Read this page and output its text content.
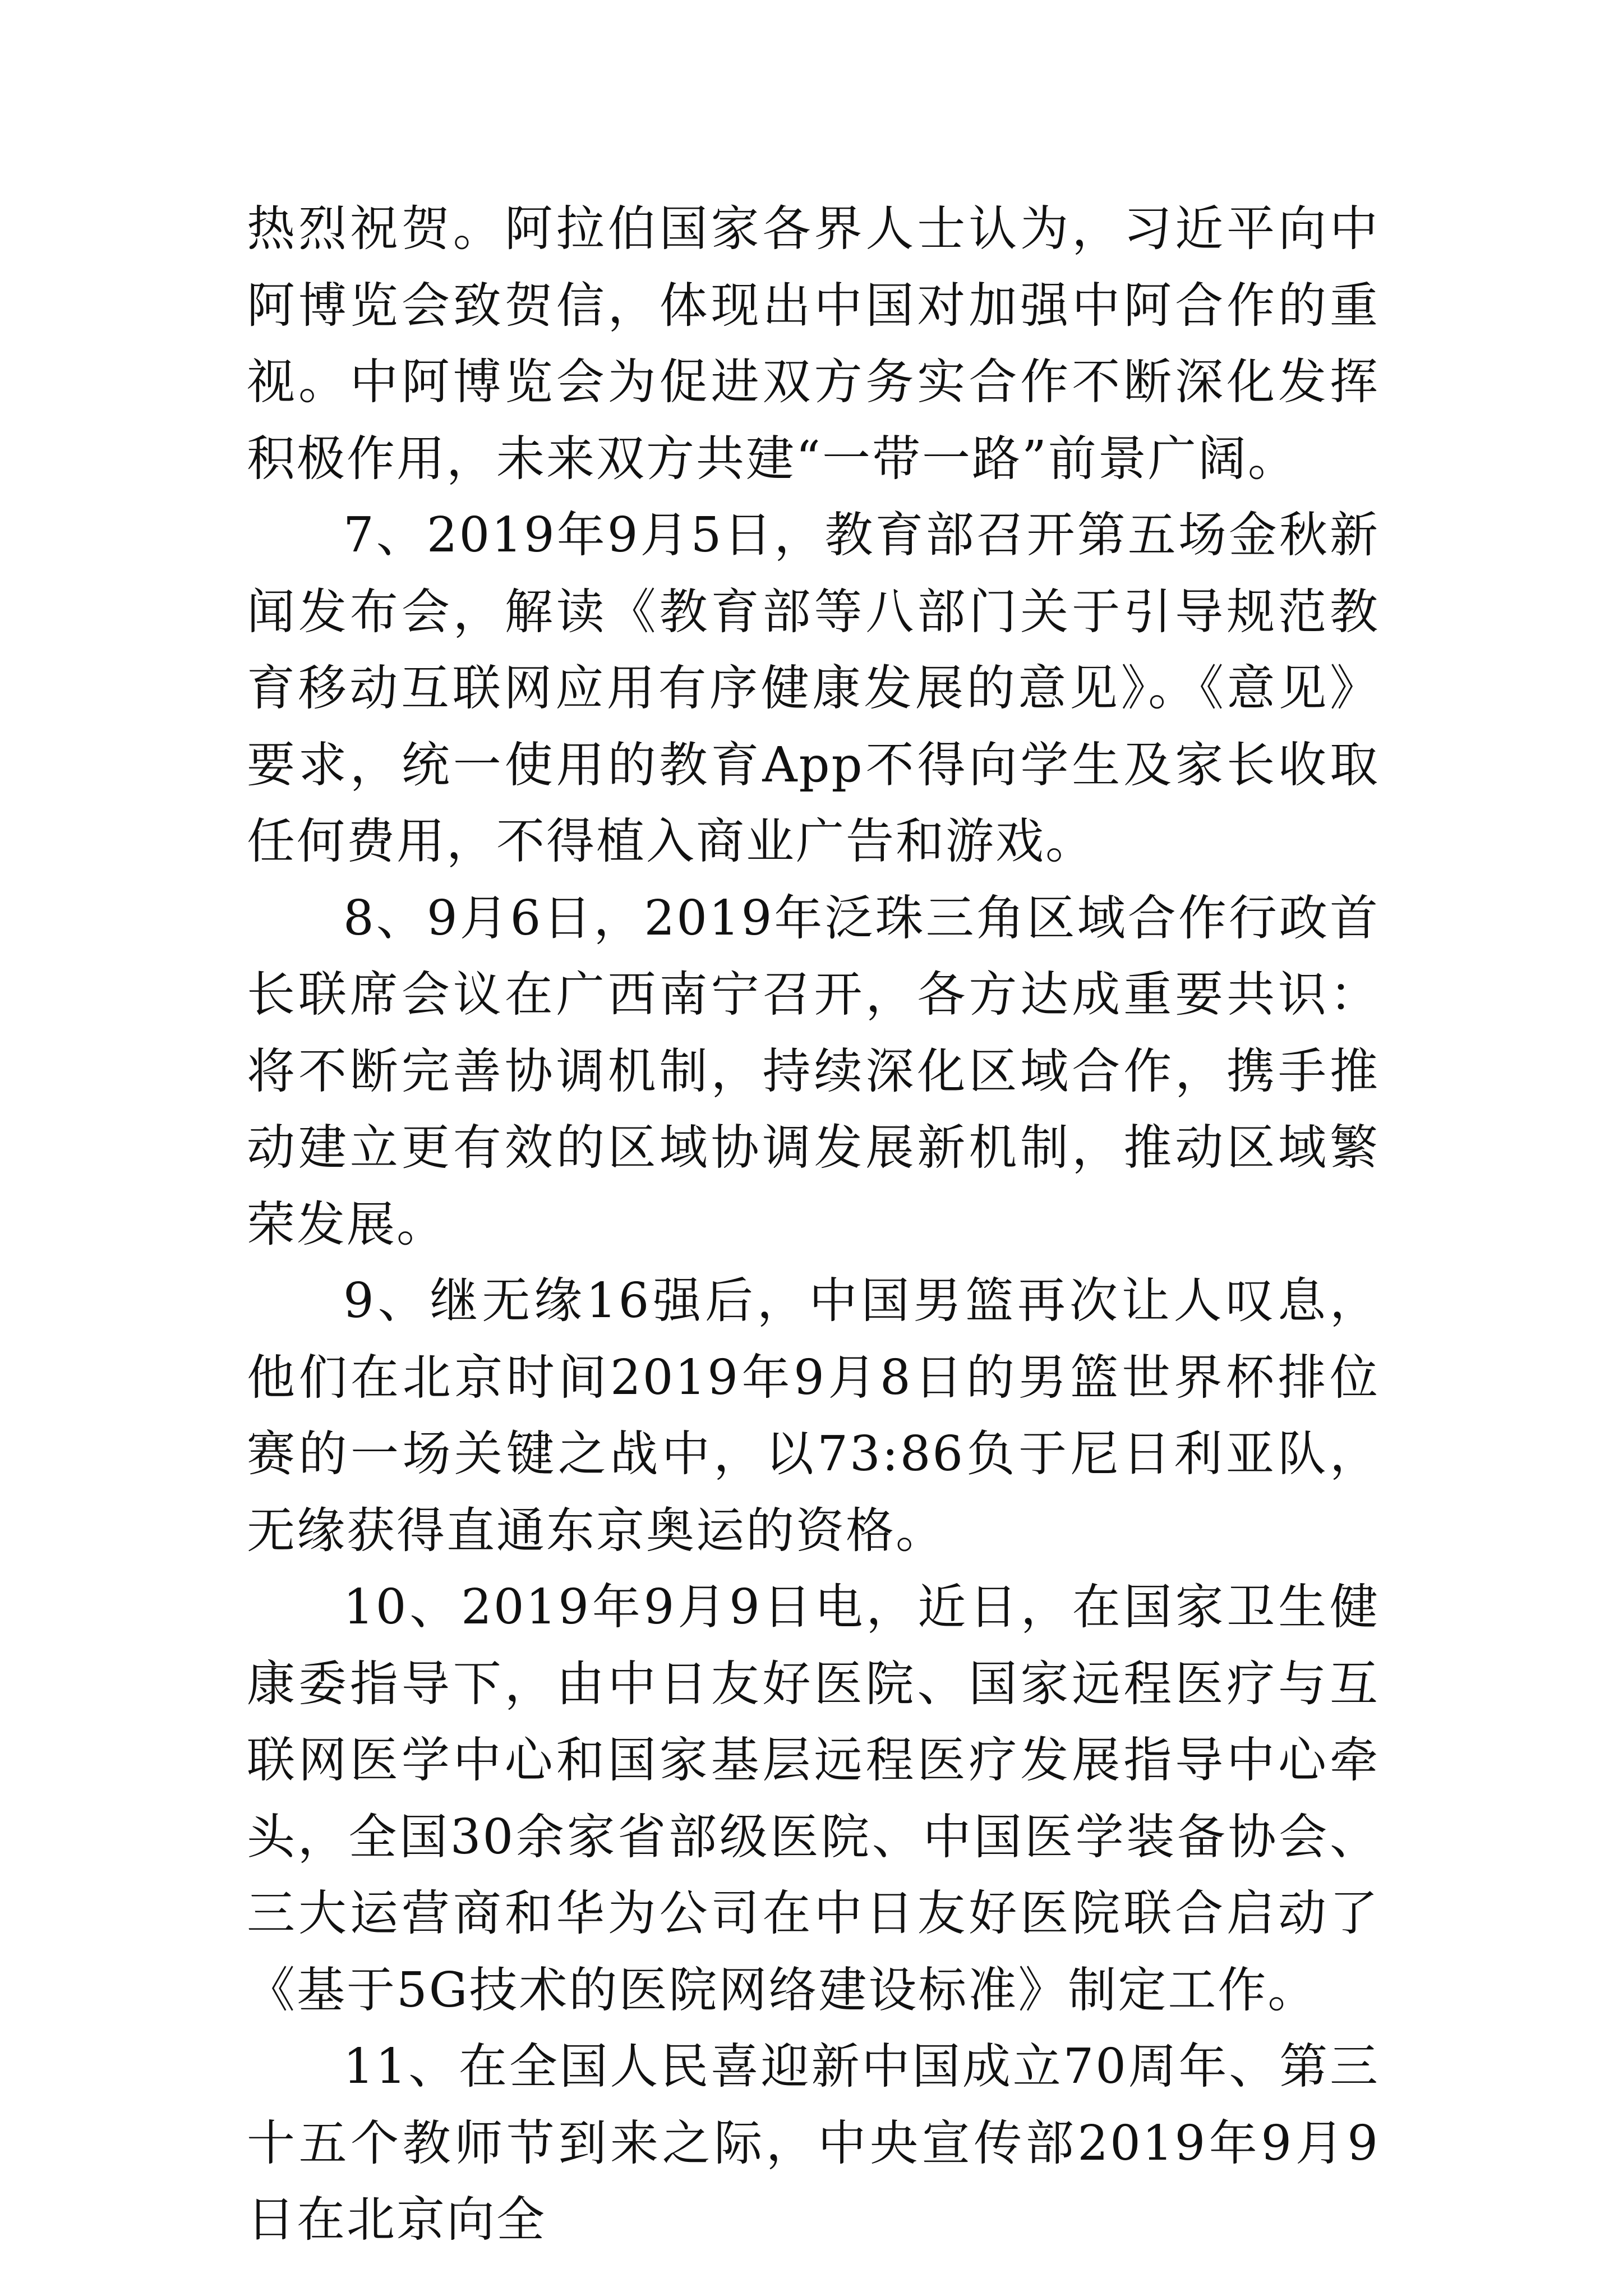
热烈祝贺。阿拉伯国家各界人士认为，习近平向中阿博览会致贺信，体现出中国对加强中阿合作的重视。中阿博览会为促进双方务实合作不断深化发挥积极作用，未来双方共建“一带一路”前景广阔。

7、2019年9月5日，教育部召开第五场金秋新闻发布会，解读《教育部等八部门关于引导规范教育移动互联网应用有序健康发展的意见》。《意见》要求，统一使用的教育App不得向学生及家长收取任何费用，不得植入商业广告和游戏。

8、9月6日，2019年泛珠三角区域合作行政首长联席会议在广西南宁召开，各方达成重要共识：将不断完善协调机制，持续深化区域合作，携手推动建立更有效的区域协调发展新机制，推动区域繁荣发展。

9、继无缘16强后，中国男篮再次让人叹息，他们在北京时间2019年9月8日的男篮世界杯排位赛的一场关键之战中，以73:86负于尼日利亚队，无缘获得直通东京奥运的资格。

10、2019年9月9日电，近日，在国家卫生健康委指导下，由中日友好医院、国家远程医疗与互联网医学中心和国家基层远程医疗发展指导中心牵头，全国30余家省部级医院、中国医学装备协会、三大运营商和华为公司在中日友好医院联合启动了《基于5G技术的医院网络建设标准》制定工作。

11、在全国人民喜迎新中国成立70周年、第三十五个教师节到来之际，中央宣传部2019年9月9日在北京向全
